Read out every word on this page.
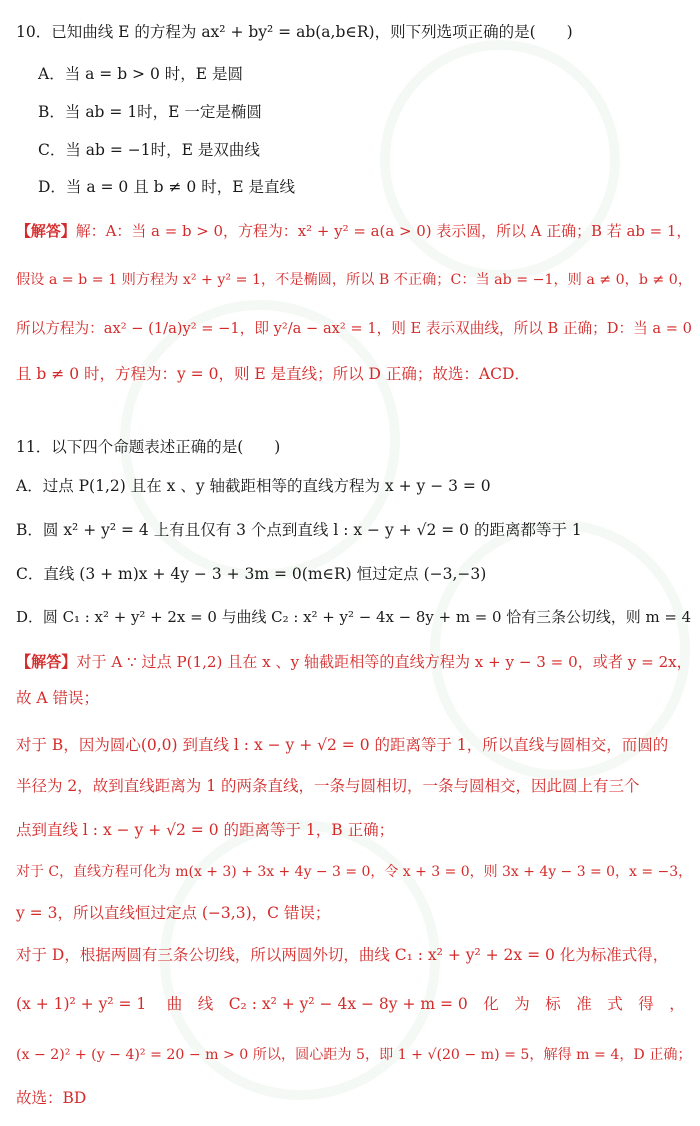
10．已知曲线 E 的方程为 ax² + by² = ab(a,b∈R)，则下列选项正确的是(　　)
A．当 a = b > 0 时，E 是圆
B．当 ab = 1时，E 一定是椭圆
C．当 ab = −1时，E 是双曲线
D．当 a = 0 且 b ≠ 0 时，E 是直线
【解答】解：A：当 a = b > 0，方程为：x² + y² = a(a > 0) 表示圆，所以 A 正确；B 若 ab = 1，
假设 a = b = 1 则方程为 x² + y² = 1，不是椭圆，所以 B 不正确；C：当 ab = −1，则 a ≠ 0，b ≠ 0，
所以方程为：ax² − (1/a)y² = −1，即 y²/a − ax² = 1，则 E 表示双曲线，所以 B 正确；D：当 a = 0
且 b ≠ 0 时，方程为：y = 0，则 E 是直线；所以 D 正确；故选：ACD．
11．以下四个命题表述正确的是(　　)
A．过点 P(1,2) 且在 x 、y 轴截距相等的直线方程为 x + y − 3 = 0
B．圆 x² + y² = 4 上有且仅有 3 个点到直线 l : x − y + √2 = 0 的距离都等于 1
C．直线 (3 + m)x + 4y − 3 + 3m = 0(m∈R) 恒过定点 (−3,−3)
D．圆 C₁ : x² + y² + 2x = 0 与曲线 C₂ : x² + y² − 4x − 8y + m = 0 恰有三条公切线，则 m = 4
【解答】对于 A ∵ 过点 P(1,2) 且在 x 、y 轴截距相等的直线方程为 x + y − 3 = 0，或者 y = 2x，
故 A 错误；
对于 B，因为圆心(0,0) 到直线 l : x − y + √2 = 0 的距离等于 1，所以直线与圆相交，而圆的
半径为 2，故到直线距离为 1 的两条直线，一条与圆相切，一条与圆相交，因此圆上有三个
点到直线 l : x − y + √2 = 0 的距离等于 1，B 正确；
对于 C，直线方程可化为 m(x + 3) + 3x + 4y − 3 = 0，令 x + 3 = 0，则 3x + 4y − 3 = 0，x = −3，
y = 3，所以直线恒过定点 (−3,3)，C 错误；
对于 D，根据两圆有三条公切线，所以两圆外切，曲线 C₁ : x² + y² + 2x = 0 化为标准式得，
(x + 1)² + y² = 1　 曲　线　C₂ : x² + y² − 4x − 8y + m = 0　化　为　标　准　式　得　，
(x − 2)² + (y − 4)² = 20 − m > 0 所以，圆心距为 5，即 1 + √(20 − m) = 5，解得 m = 4，D 正确；
故选：BD
